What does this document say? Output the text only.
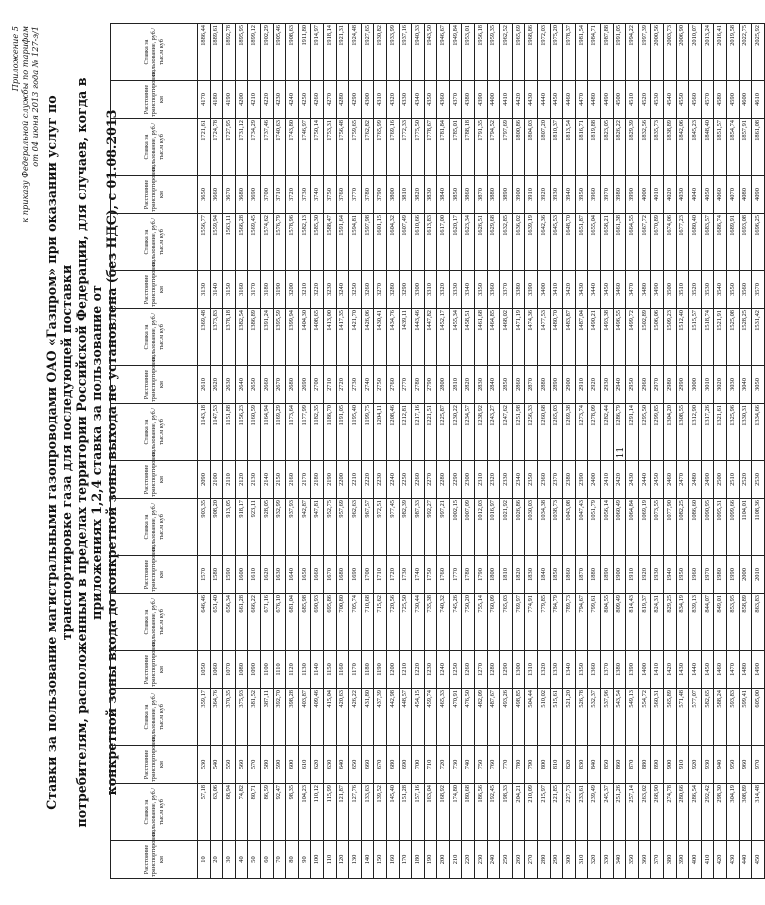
Приложение 5 к приказу Федеральной службы по тарифам от 04 июня 2013 года № 127-э/1 Ставки за пользование магистральными газопроводами ОАО «Газпром» при оказании услуг по транспортировке газа для последующей поставки потребителям, расположенным в пределах территории Российской Федерации, для случаев, когда в приложениях 1,2,4 ставка за пользование от конкретной зоны входа до конкретной зоны выхода не установлена (без НДС), с 01.08.2013
Расстояние транспортировки, км	Ставка за пользование, руб./тыс.м куб	Расстояние транспортировки, км	Ставка за пользование, руб./тыс.м куб	Расстояние транспортировки, км	Ставка за пользование, руб./тыс.м куб	Расстояние транспортировки, км	Ставка за пользование, руб./тыс.м куб	Расстояние транспортировки, км	Ставка за пользование, руб./тыс.м куб	Расстояние транспортировки, км	Ставка за пользование, руб./тыс.м куб	Расстояние транспортировки, км	Ставка за пользование, руб./тыс.м куб	Расстояние транспортировки, км	Ставка за пользование, руб./тыс.м куб	Расстояние транспортировки, км	Ставка за пользование, руб./тыс.м куб
10	57,18	530	359,17	1050	646,46	1570	903,35	2090	1143,18	2610	1369,48	3130	1556,77	3650	1721,61	4170	1886,44
20	63,06	540	364,76	1060	651,40	1580	908,20	2100	1147,53	2620	1373,83	3140	1559,94	3660	1724,78	4180	1889,61
30	68,94	550	370,35	1070	656,34	1590	913,05	2110	1151,88	2630	1378,18	3150	1563,11	3670	1727,95	4190	1892,78
40	74,82	560	375,93	1080	661,28	1600	918,17	2120	1156,23	2640	1382,54	3160	1566,28	3680	1731,12	4200	1895,95
50	80,71	570	381,52	1090	666,22	1610	923,11	2130	1160,59	2650	1386,89	3170	1569,45	3690	1734,29	4210	1899,12
60	86,59	580	387,11	1100	671,16	1620	928,05	2140	1164,94	2660	1391,24	3180	1574,62	3700	1737,46	4220	1902,29
70	92,47	590	392,70	1110	676,10	1630	932,99	2150	1169,29	2670	1395,59	3190	1576,79	3710	1740,63	4230	1905,46
80	98,35	600	398,28	1120	681,04	1640	937,93	2160	1173,64	2680	1399,94	3200	1578,96	3720	1743,80	4240	1908,63
90	104,23	610	403,87	1130	685,98	1650	942,87	2170	1177,99	2690	1404,30	3210	1582,13	3730	1746,97	4250	1911,80
100	110,12	620	409,46	1140	690,93	1660	947,81	2180	1182,35	2700	1408,65	3220	1585,30	3740	1750,14	4260	1914,97
110	115,99	630	415,04	1150	695,86	1670	952,75	2190	1186,70	2710	1413,00	3230	1588,47	3750	1753,31	4270	1918,14
120	121,87	640	420,63	1160	700,80	1680	957,69	2200	1191,05	2720	1417,35	3240	1591,64	3760	1756,48	4280	1921,31
130	127,76	650	426,22	1170	705,74	1690	962,63	2210	1195,40	2730	1421,70	3250	1594,81	3770	1759,65	4290	1924,48
140	133,63	660	431,80	1180	710,68	1700	967,57	2220	1199,75	2740	1426,06	3260	1597,98	3780	1762,82	4300	1927,65
150	139,52	670	437,39	1190	715,62	1710	972,51	2230	1204,11	2750	1430,41	3270	1601,15	3790	1765,99	4310	1930,82
160	145,40	680	442,98	1200	720,56	1720	977,45	2240	1208,46	2760	1434,76	3280	1604,32	3800	1769,16	4320	1933,99
170	151,28	690	448,57	1210	725,50	1730	982,39	2250	1212,81	2770	1439,11	3290	1607,49	3810	1772,33	4330	1937,16
180	157,16	700	454,15	1220	730,44	1740	987,33	2260	1217,16	2780	1443,46	3300	1610,66	3820	1775,50	4340	1940,33
190	163,04	710	459,74	1230	735,38	1750	992,27	2270	1221,51	2790	1447,82	3310	1613,83	3830	1778,67	4350	1943,50
200	168,92	720	465,33	1240	740,32	1760	997,21	2280	1225,87	2800	1452,17	3320	1617,00	3840	1781,84	4360	1946,67
210	174,80	730	470,91	1250	745,26	1770	1002,15	2290	1230,22	2810	1455,34	3330	1620,17	3850	1785,01	4370	1949,84
220	180,68	740	476,50	1260	750,20	1780	1007,09	2300	1234,57	2820	1458,51	3340	1623,34	3860	1788,18	4380	1953,01
230	186,56	750	482,09	1270	755,14	1790	1012,03	2310	1238,92	2830	1461,68	3350	1626,51	3870	1791,35	4390	1956,18
240	192,45	760	487,67	1280	760,09	1800	1016,97	2320	1243,27	2840	1464,85	3360	1629,68	3880	1794,52	4400	1959,35
250	198,33	770	493,26	1290	765,03	1810	1021,92	2330	1247,62	2850	1468,02	3370	1632,85	3890	1797,69	4410	1962,52
260	204,21	780	498,85	1300	769,97	1820	1026,86	2340	1251,98	2860	1471,19	3380	1636,02	3900	1800,86	4420	1965,69
270	210,09	790	504,44	1310	774,91	1830	1030,03	2350	1256,33	2870	1474,36	3390	1639,19	3910	1804,03	4430	1968,86
280	215,97	800	510,02	1320	779,85	1840	1034,38	2360	1260,68	2880	1477,53	3400	1642,36	3920	1807,20	4440	1972,03
290	221,85	810	515,61	1330	784,79	1850	1038,73	2370	1265,03	2890	1480,70	3410	1645,53	3930	1810,37	4450	1975,20
300	227,73	820	521,20	1340	789,73	1860	1043,08	2380	1269,38	2900	1483,87	3420	1648,70	3940	1813,54	4460	1978,37
310	233,61	830	526,78	1350	794,67	1870	1047,43	2390	1273,74	2910	1487,04	3430	1651,87	3950	1816,71	4470	1981,54
320	239,49	840	532,37	1360	799,61	1880	1051,79	2400	1278,09	2920	1490,21	3440	1655,04	3960	1819,88	4480	1984,71
330	245,37	850	537,96	1370	804,55	1890	1056,14	2410	1282,44	2930	1493,38	3450	1658,21	3970	1823,05	4490	1987,88
340	251,26	860	543,54	1380	809,49	1900	1060,49	2420	1286,79	2940	1496,55	3460	1661,38	3980	1826,22	4500	1991,05
350	257,14	870	549,13	1390	814,43	1910	1064,84	2430	1291,14	2950	1499,72	3470	1664,55	3990	1829,39	4510	1994,22
360	263,02	880	554,72	1400	819,37	1920	1069,19	2440	1295,50	2960	1502,89	3480	1667,72	4000	1832,56	4520	1997,39
370	268,90	890	560,31	1410	824,31	1930	1073,55	2450	1299,85	2970	1506,06	3490	1670,89	4010	1835,73	4530	2000,56
380	274,78	900	565,89	1420	829,25	1940	1077,90	2460	1304,20	2980	1509,23	3500	1674,06	4020	1838,89	4540	2003,73
390	280,66	910	571,48	1430	834,19	1950	1082,25	2470	1308,55	2990	1512,40	3510	1677,23	4030	1842,06	4550	2006,90
400	286,54	920	577,07	1440	839,13	1960	1086,60	2480	1312,90	3000	1515,57	3520	1680,40	4040	1845,23	4560	2010,07
410	292,42	930	582,65	1450	844,07	1970	1090,95	2490	1317,26	3010	1518,74	3530	1683,57	4050	1848,40	4570	2013,24
420	298,30	940	588,24	1460	849,01	1980	1095,31	2500	1321,61	3020	1521,91	3540	1686,74	4060	1851,57	4580	2016,41
430	304,19	950	593,83	1470	853,95	1990	1099,66	2510	1325,96	3030	1525,08	3550	1689,91	4070	1854,74	4590	2019,58
440	308,89	960	599,41	1480	858,89	2000	1104,01	2520	1330,31	3040	1528,25	3560	1693,08	4080	1857,91	4600	2022,75
450	314,48	970	605,00	1490	863,83	2010	1108,36	2530	1334,66	3050	1531,42	3570	1696,25	4090	1861,08	4610	2025,92
11
